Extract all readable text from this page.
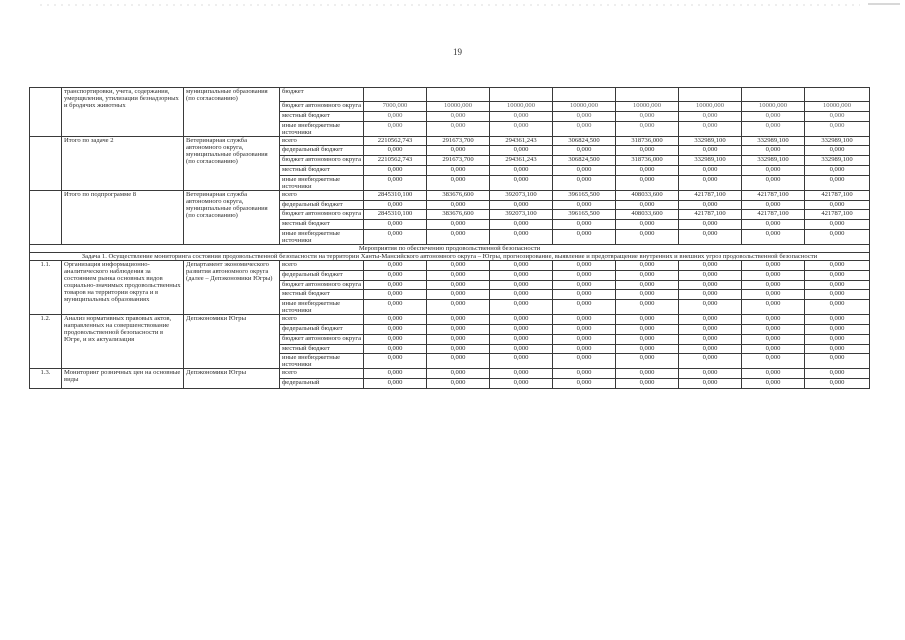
19
	транспортировки, учета, содержания, умерщвления, утилизации безнадзорных и бродячих животных	муниципальные образования (по согласованию)	бюджет								
			бюджет автономного округа	7000,000	10000,000	10000,000	10000,000	10000,000	10000,000	10000,000	10000,000
			местный бюджет	0,000	0,000	0,000	0,000	0,000	0,000	0,000	0,000
			иные внебюджетные источники	0,000	0,000	0,000	0,000	0,000	0,000	0,000	0,000
	Итого по задаче 2	Ветеринарная служба автономного округа, муниципальные образования (по согласованию)	всего	2210562,743	291673,700	294361,243	306824,500	318736,000	332989,100	332989,100	332989,100
			федеральный бюджет	0,000	0,000	0,000	0,000	0,000	0,000	0,000	0,000
			бюджет автономного округа	2210562,743	291673,700	294361,243	306824,500	318736,000	332989,100	332989,100	332989,100
			местный бюджет	0,000	0,000	0,000	0,000	0,000	0,000	0,000	0,000
			иные внебюджетные источники	0,000	0,000	0,000	0,000	0,000	0,000	0,000	0,000
	Итого по подпрограмме 8	Ветеринарная служба автономного округа, муниципальные образования (по согласованию)	всего	2845310,100	383676,600	392073,100	396165,500	408033,600	421787,100	421787,100	421787,100
			федеральный бюджет	0,000	0,000	0,000	0,000	0,000	0,000	0,000	0,000
			бюджет автономного округа	2845310,100	383676,600	392073,100	396165,500	408033,600	421787,100	421787,100	421787,100
			местный бюджет	0,000	0,000	0,000	0,000	0,000	0,000	0,000	0,000
			иные внебюджетные источники	0,000	0,000	0,000	0,000	0,000	0,000	0,000	0,000
Мероприятия по обеспечению продовольственной безопасности											
Задача 1. Осуществление мониторинга состояния продовольственной безопасности на территории Ханты-Мансийского автономного округа – Югры, прогнозирование, выявление и предотвращение внутренних и внешних угроз продовольственной безопасности											
1.1.	Организация информационно-аналитического наблюдения за состоянием рынка основных видов социально-значимых продовольственных товаров на территории округа и в муниципальных образованиях	Департамент экономического развития автономного округа (далее – Депэкономики Югры)	всего	0,000	0,000	0,000	0,000	0,000	0,000	0,000	0,000
			федеральный бюджет	0,000	0,000	0,000	0,000	0,000	0,000	0,000	0,000
			бюджет автономного округа	0,000	0,000	0,000	0,000	0,000	0,000	0,000	0,000
			местный бюджет	0,000	0,000	0,000	0,000	0,000	0,000	0,000	0,000
			иные внебюджетные источники	0,000	0,000	0,000	0,000	0,000	0,000	0,000	0,000
1.2.	Анализ нормативных правовых актов, направленных на совершенствование продовольственной безопасности в Югре, и их актуализация	Депэкономики Югры	всего	0,000	0,000	0,000	0,000	0,000	0,000	0,000	0,000
			федеральный бюджет	0,000	0,000	0,000	0,000	0,000	0,000	0,000	0,000
			бюджет автономного округа	0,000	0,000	0,000	0,000	0,000	0,000	0,000	0,000
			местный бюджет	0,000	0,000	0,000	0,000	0,000	0,000	0,000	0,000
			иные внебюджетные источники	0,000	0,000	0,000	0,000	0,000	0,000	0,000	0,000
1.3.	Мониторинг розничных цен на основные виды	Депэкономики Югры	всего	0,000	0,000	0,000	0,000	0,000	0,000	0,000	0,000
			федеральный	0,000	0,000	0,000	0,000	0,000	0,000	0,000	0,000
